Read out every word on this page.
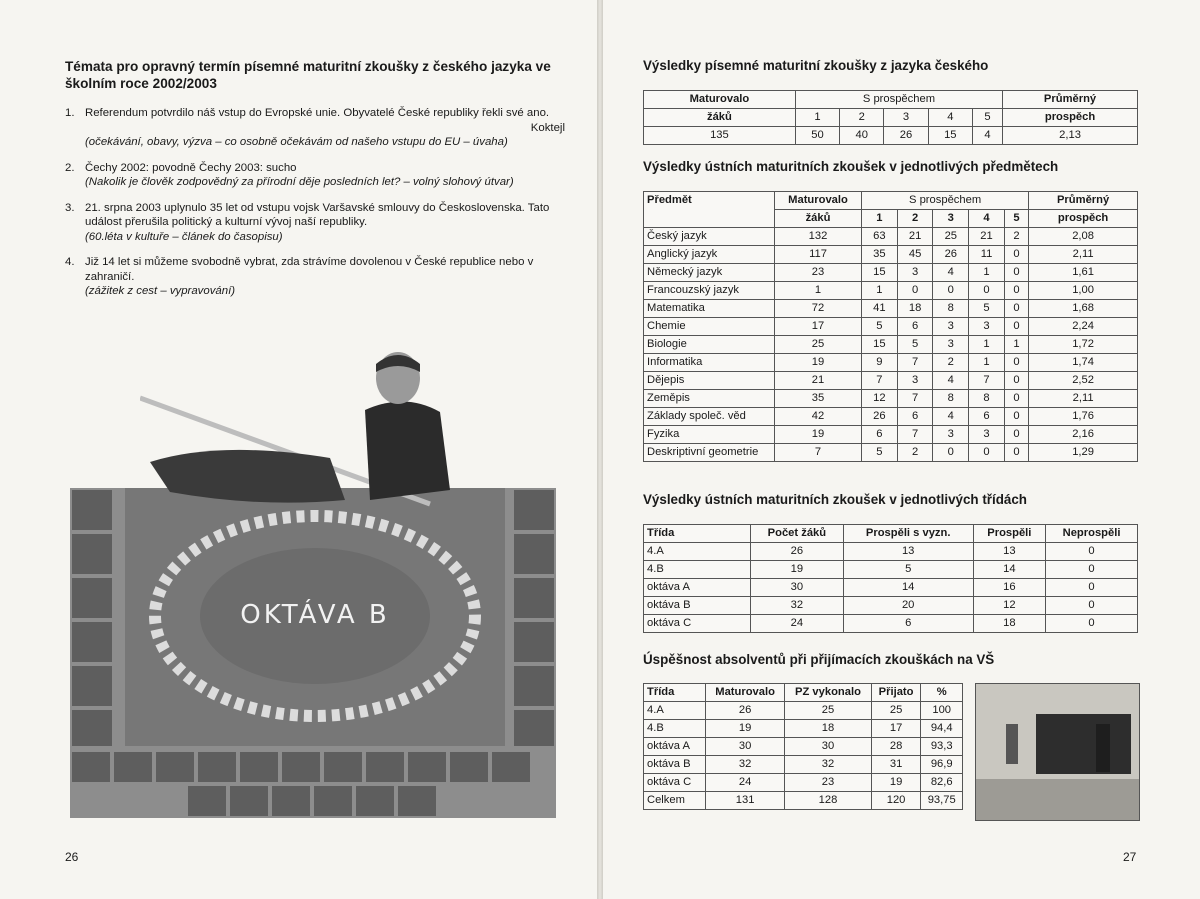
Témata pro opravný termín písemné maturitní zkoušky z českého jazyka ve školním roce 2002/2003
1. Referendum potvrdilo náš vstup do Evropské unie. Obyvatelé České republiky řekli své ano.
Koktejl
(očekávání, obavy, výzva – co osobně očekávám od našeho vstupu do EU – úvaha)
2. Čechy 2002: povodně Čechy 2003: sucho
(Nakolik je člověk zodpovědný za přírodní děje posledních let? – volný slohový útvar)
3. 21. srpna 2003 uplynulo 35 let od vstupu vojsk Varšavské smlouvy do Československa. Tato událost přerušila politický a kulturní vývoj naší republiky.
(60.léta v kultuře – článek do časopisu)
4. Již 14 let si můžeme svobodně vybrat, zda strávíme dovolenou v České republice nebo v zahraničí.
(zážitek z cest – vypravování)
OKTÁVA B
26
Výsledky písemné maturitní zkoušky z jazyka českého
Maturovalo	S prospěchem					Průměrný
žáků	1	2	3	4	5	prospěch
135	50	40	26	15	4	2,13
Výsledky ústních maturitních zkoušek v jednotlivých předmětech
Předmět	Maturovalo	S prospěchem					Průměrný
	žáků	1	2	3	4	5	prospěch
Český jazyk	132	63	21	25	21	2	2,08
Anglický jazyk	117	35	45	26	11	0	2,11
Německý jazyk	23	15	3	4	1	0	1,61
Francouzský jazyk	1	1	0	0	0	0	1,00
Matematika	72	41	18	8	5	0	1,68
Chemie	17	5	6	3	3	0	2,24
Biologie	25	15	5	3	1	1	1,72
Informatika	19	9	7	2	1	0	1,74
Dějepis	21	7	3	4	7	0	2,52
Zeměpis	35	12	7	8	8	0	2,11
Základy společ. věd	42	26	6	4	6	0	1,76
Fyzika	19	6	7	3	3	0	2,16
Deskriptivní geometrie	7	5	2	0	0	0	1,29
Výsledky ústních maturitních zkoušek v jednotlivých třídách
Třída	Počet žáků	Prospěli s vyzn.	Prospěli	Neprospěli
4.A	26	13	13	0
4.B	19	5	14	0
oktáva A	30	14	16	0
oktáva B	32	20	12	0
oktáva C	24	6	18	0
Úspěšnost absolventů při přijímacích zkouškách na VŠ
Třída	Maturovalo	PZ vykonalo	Přijato	%
4.A	26	25	25	100
4.B	19	18	17	94,4
oktáva A	30	30	28	93,3
oktáva B	32	32	31	96,9
oktáva C	24	23	19	82,6
Celkem	131	128	120	93,75
27
